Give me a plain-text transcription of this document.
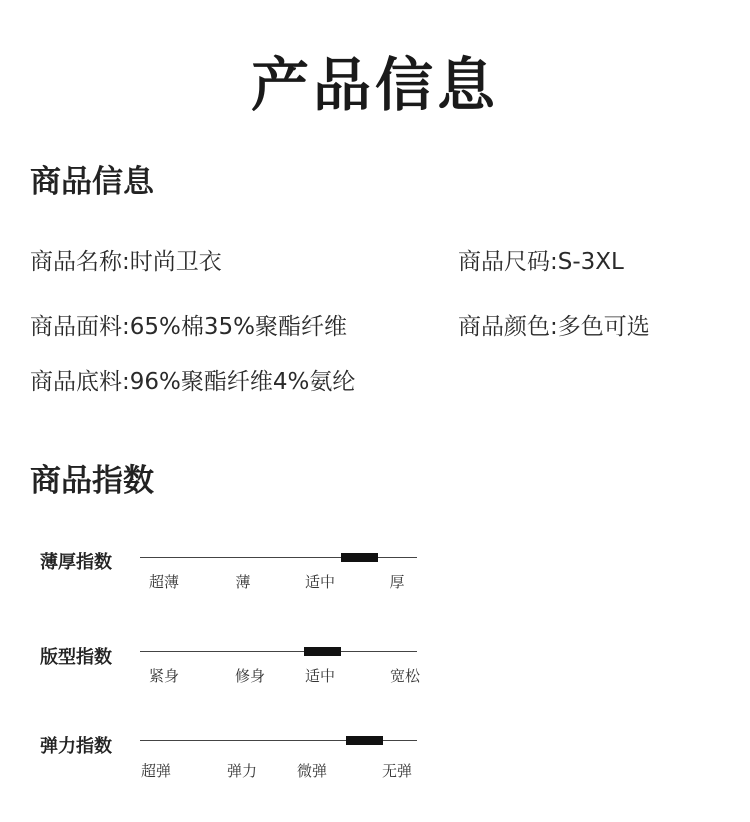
产品信息
商品信息
商品名称:时尚卫衣	商品尺码:S-3XL
商品面料:65%棉35%聚酯纤维	商品颜色:多色可选
商品底料:96%聚酯纤维4%氨纶
商品指数
薄厚指数
超薄	薄	适中	厚
版型指数
紧身	修身	适中	宽松
弹力指数
超弹	弹力	微弹	无弹
